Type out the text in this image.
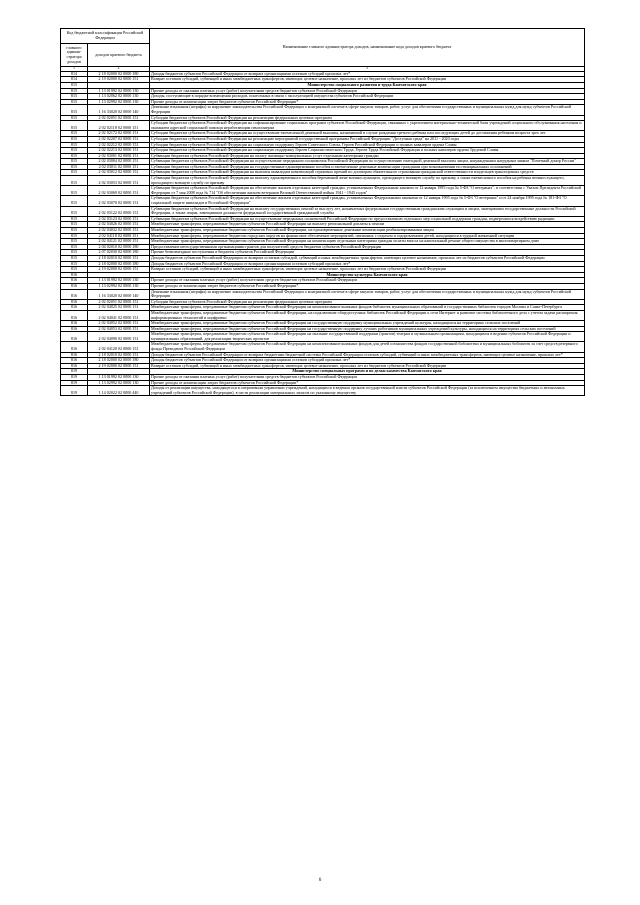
Код бюджетной классификации Российской Федерации		Наименование главного администратора доходов, наименование кода доходов краевого бюджета
главного админи-стратора доходов	доходов краевого бюджета	
1	2	3
814	2 18 02000 02 0000 180	Доходы бюджетов субъектов Российской Федерации от возврата организациями остатков субсидий прошлых лет*
814	2 19 02000 02 0000 151	Возврат остатков субсидий, субвенций и иных межбюджетных трансфертов, имеющих целевое назначение, прошлых лет из бюджетов субъектов Российской Федерации
815		Министерство социального развития и труда Камчатского края
815	1 13 01992 02 0000 130	Прочие доходы от оказания платных услуг (работ) получателями средств бюджетов субъектов Российской Федерации
815	1 13 02062 02 0000 130	Доходы, поступающие в порядке возмещения расходов, понесенных в связи с эксплуатацией имущества субъектов Российской Федерации
815	1 13 02992 02 0000 130	Прочие доходы от компенсации затрат бюджетов субъектов Российской Федерации*
815	1 16 33020 02 0000 140	Денежные взыскания (штрафы) за нарушение законодательства Российской Федерации о контрактной системе в сфере закупок товаров, работ, услуг для обеспечения государственных и муниципальных нужд для нужд субъектов Российской Федерации
815	2 02 02051 02 0000 151	Субсидии бюджетам субъектов Российской Федерации на реализацию федеральных целевых программ
815	2 02 02118 02 0000 151	Субсидии бюджетам субъектов Российской Федерации на софинансирование социальных программ субъектов Российской Федерации, связанных с укреплением материально-технической базы учреждений социального обслуживания населения и оказанием адресной социальной помощи неработающим пенсионерам
815	2 02 02172 02 0000 151	Субсидии бюджетам субъектов Российской Федерации на осуществление ежемесячной денежной выплаты, назначаемой в случае рождения третьего ребенка или последующих детей до достижения ребенком возраста трех лет
815	2 02 02207 02 0000 151	Субсидии бюджетам субъектов Российской Федерации на реализацию мероприятий государственной программы Российской Федерации "Доступная среда" на 2011 - 2020 годы
815	2 02 02212 02 0000 151	Субсидии бюджетам субъектов Российской Федерации на социальную поддержку Героев Советского Союза, Героев Российской Федерации и полных кавалеров ордена Славы
815	2 02 02213 02 0000 151	Субсидии бюджетам субъектов Российской Федерации на социальную поддержку Героев Социалистического Труда, Героев Труда Российской Федерации и полных кавалеров ордена Трудовой Славы
815	2 02 03001 02 0000 151	Субвенции бюджетам субъектов Российской Федерации на оплату жилищно-коммунальных услуг отдельным категориям граждан
815	2 02 03004 02 0000 151	Субвенции бюджетам субъектов Российской Федерации на осуществление переданного полномочия Российской Федерации по осуществлению ежегодной денежной выплаты лицам, награжденным нагрудным знаком "Почетный донор России"
815	2 02 03011 02 0000 151	Субвенции бюджетам субъектов Российской Федерации на государственные единовременные пособия и ежемесячные денежные компенсации гражданам при возникновении поствакцинальных осложнений
815	2 02 03012 02 0000 151	Субвенции бюджетам субъектов Российской Федерации на выплаты инвалидам компенсаций страховых премий по договорам обязательного страхования гражданской ответственности владельцев транспортных средств
815	2 02 03053 02 0000 151	Субвенции бюджетам субъектов Российской Федерации на выплату единовременного пособия беременной жене военнослужащего, проходящего военную службу по призыву, а также ежемесячного пособия на ребенка военнослужащего, проходящего военную службу по призыву
815	2 02 03069 02 0000 151	Субвенции бюджетам субъектов Российской Федерации на обеспечение жильем отдельных категорий граждан, установленных Федеральным законом от 12 января 1995 года № 5-ФЗ "О ветеранах", в соответствии с Указом Президента Российской Федерации от 7 мая 2008 года № 714 "Об обеспечении жильем ветеранов Великой Отечественной войны 1941 - 1945 годов"
815	2 02 03070 02 0000 151	Субвенции бюджетам субъектов Российской Федерации на обеспечение жильем отдельных категорий граждан, установленных Федеральными законами от 12 января 1995 года № 5-ФЗ "О ветеранах" и от 24 ноября 1995 года № 181-ФЗ "О социальной защите инвалидов в Российской Федерации"
815	2 02 03122 02 0000 151	Субвенции бюджетам субъектов Российской Федерации на выплату государственных пенсий за выслугу лет, назначаемых федеральным государственным гражданским служащим и лицам, замещавшим государственные должности Российской Федерации, а также лицам, замещавшим должности федеральной государственной гражданской службы
815	2 02 03123 02 0000 151	Субвенции бюджетам субъектов Российской Федерации на осуществление переданных полномочий Российской Федерации по предоставлению отдельных мер социальной поддержки граждан, подвергшихся воздействию радиации
815	2 02 04026 02 0000 151	Межбюджетные трансферты, передаваемые бюджетам субъектов Российской Федерации на выплату региональной доплаты к пенсии
815	2 02 04032 02 0000 151	Межбюджетные трансферты, передаваемые бюджетам субъектов Российской Федерации, на единовременные денежные компенсации реабилитированным лицам
815	2 02 04118 02 0000 151	Межбюджетные трансферты, передаваемые бюджетам городских округов на финансовое обеспечение мероприятий, связанных с отдыхом и оздоровлением детей, находящихся в трудной жизненной ситуации
815	2 02 04121 02 0000 151	Межбюджетные трансферты, передаваемые бюджетам субъектов Российской Федерации на компенсацию отдельным категориям граждан оплаты взноса на капитальный ремонт общего имущества в многоквартирном доме
815	2 04 02010 02 0000 180	Предоставление негосударственными организациями грантов для получателей средств бюджетов субъектов Российской Федерации
815	2 07 02030 02 0000 180	Прочие безвозмездные поступления в бюджеты субъектов Российской Федерации
815	2 18 02010 02 0000 151	Доходы бюджетов субъектов Российской Федерации от возврата остатков субсидий, субвенций и иных межбюджетных трансфертов, имеющих целевое назначение, прошлых лет из бюджетов субъектов Российской Федерации
815	2 18 02000 02 0000 180	Доходы бюджетов субъектов Российской Федерации от возврата организациями остатков субсидий прошлых лет*
815	2 19 02000 02 0000 151	Возврат остатков субсидий, субвенций и иных межбюджетных трансфертов, имеющих целевое назначение, прошлых лет из бюджетов субъектов Российской Федерации
816		Министерство культуры Камчатского края
816	1 13 01992 02 0000 130	Прочие доходы от оказания платных услуг (работ) получателями средств бюджетов субъектов Российской Федерации
816	1 13 02992 02 0000 130	Прочие доходы от компенсации затрат бюджетов субъектов Российской Федерации*
816	1 16 33020 02 0000 140	Денежные взыскания (штрафы) за нарушение законодательства Российской Федерации о контрактной системе в сфере закупок товаров, работ, услуг для обеспечения государственных и муниципальных нужд для нужд субъектов Российской Федерации
816	2 02 02051 02 0000 151	Субсидии бюджетам субъектов Российской Федерации на реализацию федеральных целевых программ
816	2 02 04025 02 0000 151	Межбюджетные трансферты, передаваемые бюджетам субъектов Российской Федерации на комплектование книжных фондов библиотек муниципальных образований и государственных библиотек городов Москвы и Санкт-Петербурга
816	2 02 04041 02 0000 151	Межбюджетные трансферты, передаваемые бюджетам субъектов Российской Федерации, на подключение общедоступных библиотек Российской Федерации к сети Интернет и развитие системы библиотечного дела с учетом задачи расширения информационных технологий и оцифровки
816	2 02 04052 02 0000 151	Межбюджетные трансферты, передаваемые бюджетам субъектов Российской Федерации на государственную поддержку муниципальных учреждений культуры, находящихся на территориях сельских поселений
816	2 02 04053 02 0000 151	Межбюджетные трансферты, передаваемые бюджетам субъектов Российской Федерации на государственную поддержку лучших работников муниципальных учреждений культуры, находящихся на территориях сельских поселений
816	2 02 04090 02 0000 151	Межбюджетные трансферты, передаваемые бюджетам субъектов Российской Федерации на оказание государственной поддержки (грантов) театрам и музыкальным организациям, находящимся в ведении субъектов Российской Федерации и муниципальных образований, для реализации творческих проектов
816	2 02 04120 02 0000 151	Межбюджетные трансферты, передаваемые бюджетам субъектов Российской Федерации на комплектование книжных фондов для детей и юношества фондов государственной библиотеки и муниципальных библиотек за счет средств резервного фонда Президента Российской Федерации
816	2 18 02010 02 0000 151	Доходы бюджетов субъектов Российской Федерации от возврата бюджетами бюджетной системы Российской Федерации остатков субсидий, субвенций и иных межбюджетных трансфертов, имеющих целевое назначение, прошлых лет*
816	2 18 02000 02 0000 180	Доходы бюджетов субъектов Российской Федерации от возврата организациями остатков субсидий прошлых лет*
816	2 19 02000 02 0000 151	Возврат остатков субсидий, субвенций и иных межбюджетных трансфертов, имеющих целевое назначение, прошлых лет из бюджетов субъектов Российской Федерации
819		Министерство специальных программ и по делам казачества Камчатского края
819	1 13 01992 02 0000 130	Прочие доходы от оказания платных услуг (работ) получателями средств бюджетов субъектов Российской Федерации
819	1 13 02992 02 0000 130	Прочие доходы от компенсации затрат бюджетов субъектов Российской Федерации*
819	1 14 02022 02 0000 440	Доходы от реализации имущества, находящегося в оперативном управлении учреждений, находящихся в ведении органов государственной власти субъектов Российской Федерации (за исключением имущества бюджетных и автономных учреждений субъектов Российской Федерации), в части реализации материальных запасов по указанному имуществу
6
